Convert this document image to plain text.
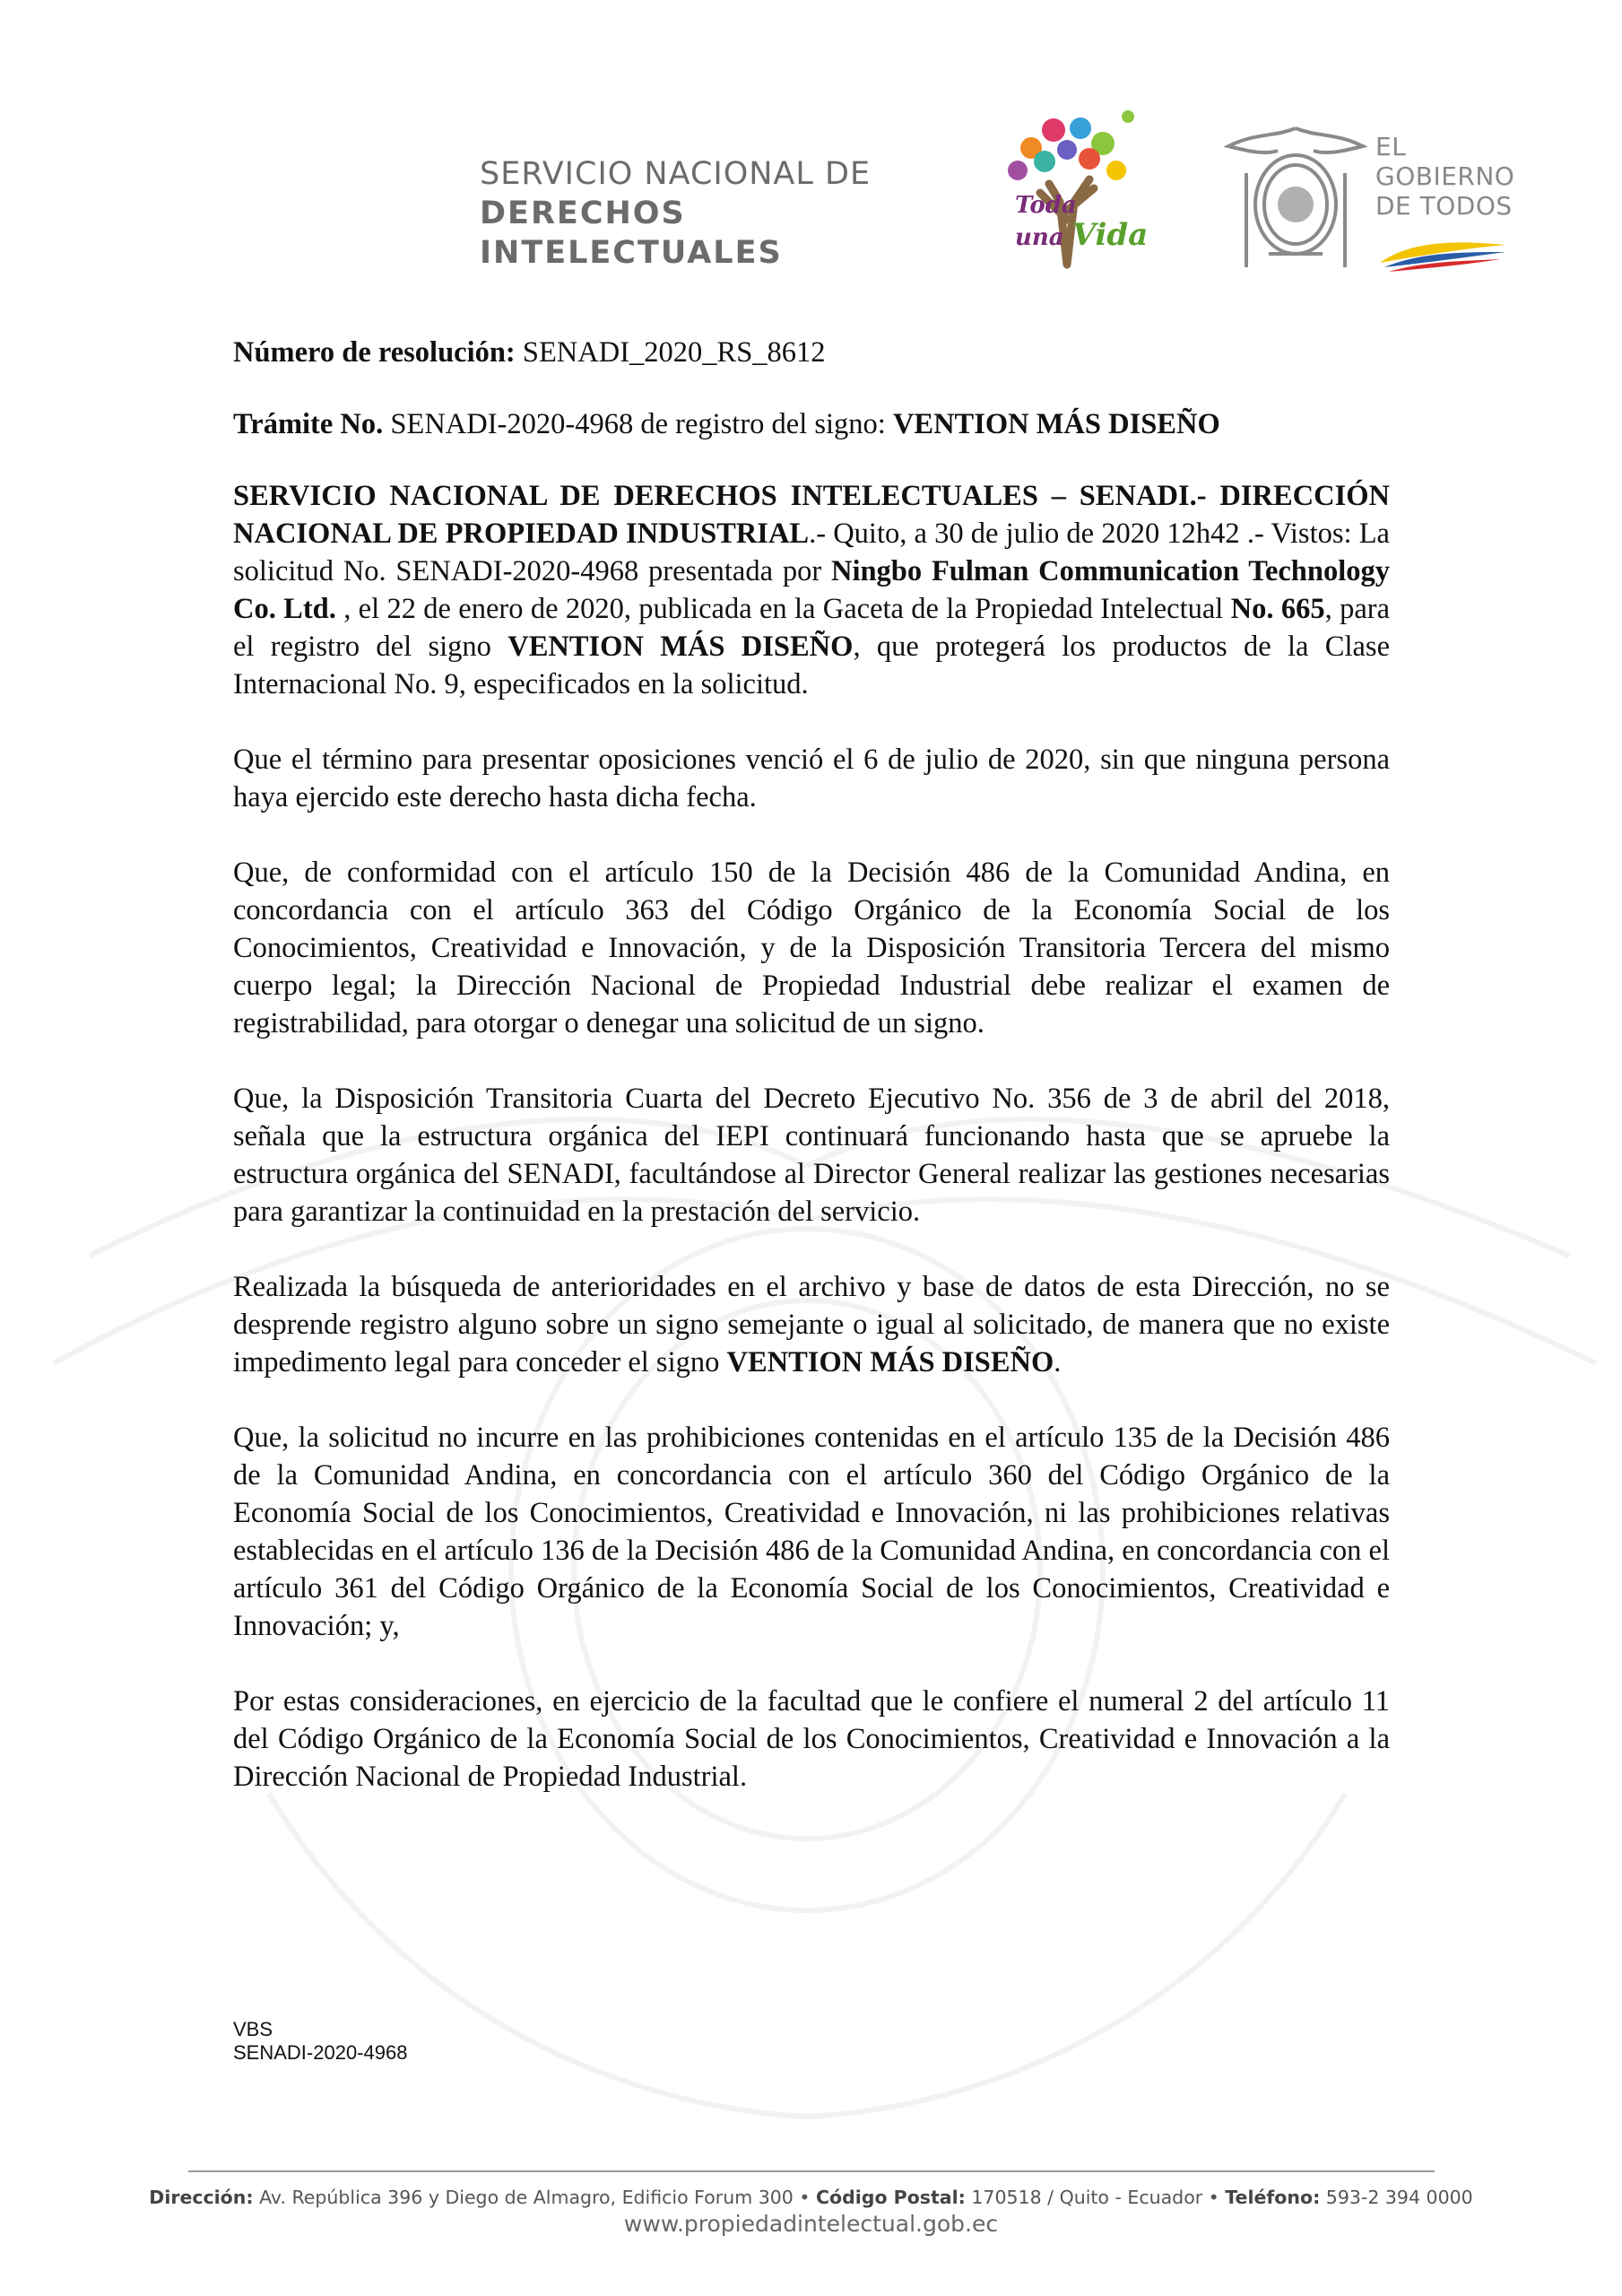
SERVICIO NACIONAL DE
DERECHOS INTELECTUALES
Toda
una Vida
EL
GOBIERNO
DE TODOS

Número de resolución: SENADI_2020_RS_8612

Trámite No. SENADI-2020-4968 de registro del signo: VENTION MÁS DISEÑO

SERVICIO NACIONAL DE DERECHOS INTELECTUALES – SENADI.- DIRECCIÓN NACIONAL DE PROPIEDAD INDUSTRIAL.- Quito, a 30 de julio de 2020 12h42 .- Vistos: La solicitud No. SENADI-2020-4968 presentada por Ningbo Fulman Communication Technology Co. Ltd. , el 22 de enero de 2020, publicada en la Gaceta de la Propiedad Intelectual No. 665, para el registro del signo VENTION MÁS DISEÑO, que protegerá los productos de la Clase Internacional No. 9, especificados en la solicitud.

Que el término para presentar oposiciones venció el 6 de julio de 2020, sin que ninguna persona haya ejercido este derecho hasta dicha fecha.

Que, de conformidad con el artículo 150 de la Decisión 486 de la Comunidad Andina, en concordancia con el artículo 363 del Código Orgánico de la Economía Social de los Conocimientos, Creatividad e Innovación, y de la Disposición Transitoria Tercera del mismo cuerpo legal; la Dirección Nacional de Propiedad Industrial debe realizar el examen de registrabilidad, para otorgar o denegar una solicitud de un signo.

Que, la Disposición Transitoria Cuarta del Decreto Ejecutivo No. 356 de 3 de abril del 2018, señala que la estructura orgánica del IEPI continuará funcionando hasta que se apruebe la estructura orgánica del SENADI, facultándose al Director General realizar las gestiones necesarias para garantizar la continuidad en la prestación del servicio.

Realizada la búsqueda de anterioridades en el archivo y base de datos de esta Dirección, no se desprende registro alguno sobre un signo semejante o igual al solicitado, de manera que no existe impedimento legal para conceder el signo VENTION MÁS DISEÑO.

Que, la solicitud no incurre en las prohibiciones contenidas en el artículo 135 de la Decisión 486 de la Comunidad Andina, en concordancia con el artículo 360 del Código Orgánico de la Economía Social de los Conocimientos, Creatividad e Innovación, ni las prohibiciones relativas establecidas en el artículo 136 de la Decisión 486 de la Comunidad Andina, en concordancia con el artículo 361 del Código Orgánico de la Economía Social de los Conocimientos, Creatividad e Innovación; y,

Por estas consideraciones, en ejercicio de la facultad que le confiere el numeral 2 del artículo 11 del Código Orgánico de la Economía Social de los Conocimientos, Creatividad e Innovación a la Dirección Nacional de Propiedad Industrial.

VBS
SENADI-2020-4968
Dirección: Av. República 396 y Diego de Almagro, Edificio Forum 300 • Código Postal: 170518 / Quito - Ecuador • Teléfono: 593-2 394 0000
www.propiedadintelectual.gob.ec
